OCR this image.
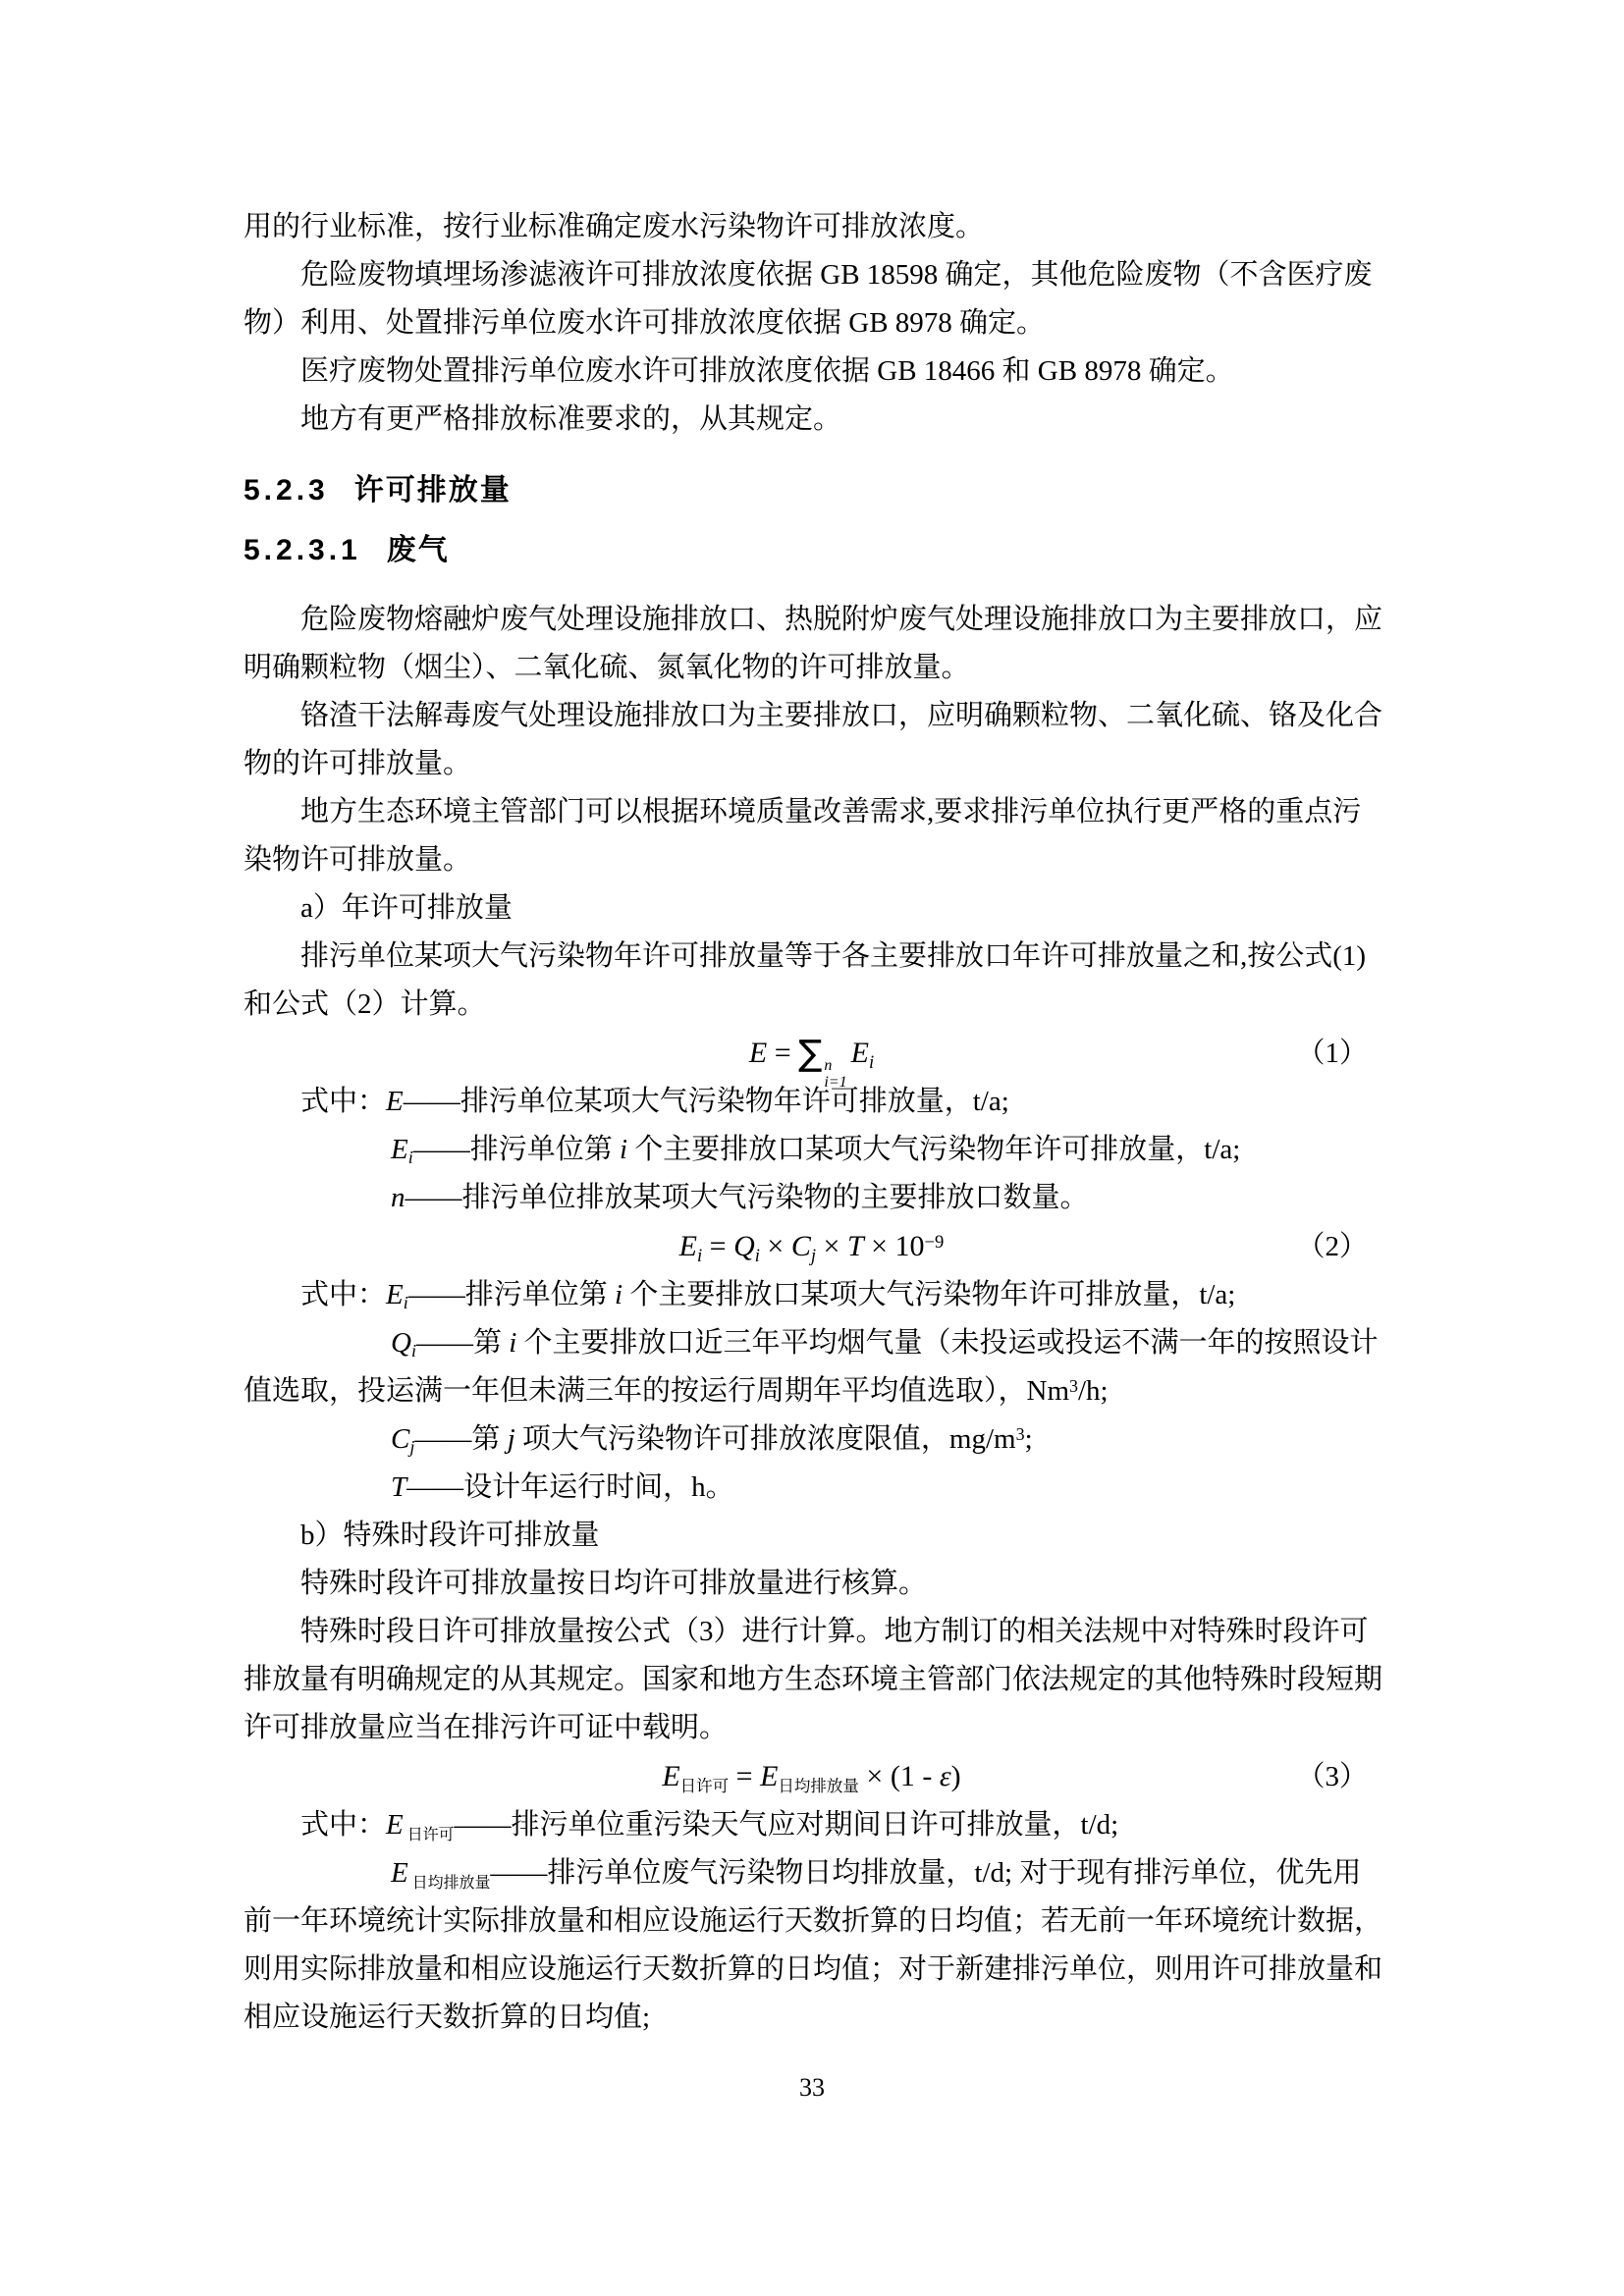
用的行业标准，按行业标准确定废水污染物许可排放浓度。
危险废物填埋场渗滤液许可排放浓度依据 GB 18598 确定，其他危险废物（不含医疗废
物）利用、处置排污单位废水许可排放浓度依据 GB 8978 确定。
医疗废物处置排污单位废水许可排放浓度依据 GB 18466 和 GB 8978 确定。
地方有更严格排放标准要求的，从其规定。
5.2.3 许可排放量
5.2.3.1 废气
危险废物熔融炉废气处理设施排放口、热脱附炉废气处理设施排放口为主要排放口，应
明确颗粒物（烟尘）、二氧化硫、氮氧化物的许可排放量。
铬渣干法解毒废气处理设施排放口为主要排放口，应明确颗粒物、二氧化硫、铬及化合
物的许可排放量。
地方生态环境主管部门可以根据环境质量改善需求,要求排污单位执行更严格的重点污
染物许可排放量。
a）年许可排放量
排污单位某项大气污染物年许可排放量等于各主要排放口年许可排放量之和,按公式(1)
和公式（2）计算。
E = ∑ n
i=1
Ei	（1）
式中：E——排污单位某项大气污染物年许可排放量，t/a;
Ei——排污单位第 i 个主要排放口某项大气污染物年许可排放量，t/a;
n——排污单位排放某项大气污染物的主要排放口数量。
$Ei = Qi \times Cj \times T \times 10^{-9}$	（2）
式中：Ei——排污单位第 i 个主要排放口某项大气污染物年许可排放量，t/a;
Qi——第 i 个主要排放口近三年平均烟气量（未投运或投运不满一年的按照设计
值选取，投运满一年但未满三年的按运行周期年平均值选取），Nm$^3$/h;
Cj——第 j 项大气污染物许可排放浓度限值，$mg/m^3$;
T——设计年运行时间，h。
b）特殊时段许可排放量
特殊时段许可排放量按日均许可排放量进行核算。
特殊时段日许可排放量按公式（3）进行计算。地方制订的相关法规中对特殊时段许可
排放量有明确规定的从其规定。国家和地方生态环境主管部门依法规定的其他特殊时段短期
许可排放量应当在排污许可证中载明。
E日许可 = E日均排放量 × (1 - ε)	（3）
式中：E 日许可——排污单位重污染天气应对期间日许可排放量，t/d;
E 日均排放量——排污单位废气污染物日均排放量，t/d; 对于现有排污单位，优先用
前一年环境统计实际排放量和相应设施运行天数折算的日均值；若无前一年环境统计数据，
则用实际排放量和相应设施运行天数折算的日均值；对于新建排污单位，则用许可排放量和
相应设施运行天数折算的日均值;
33
